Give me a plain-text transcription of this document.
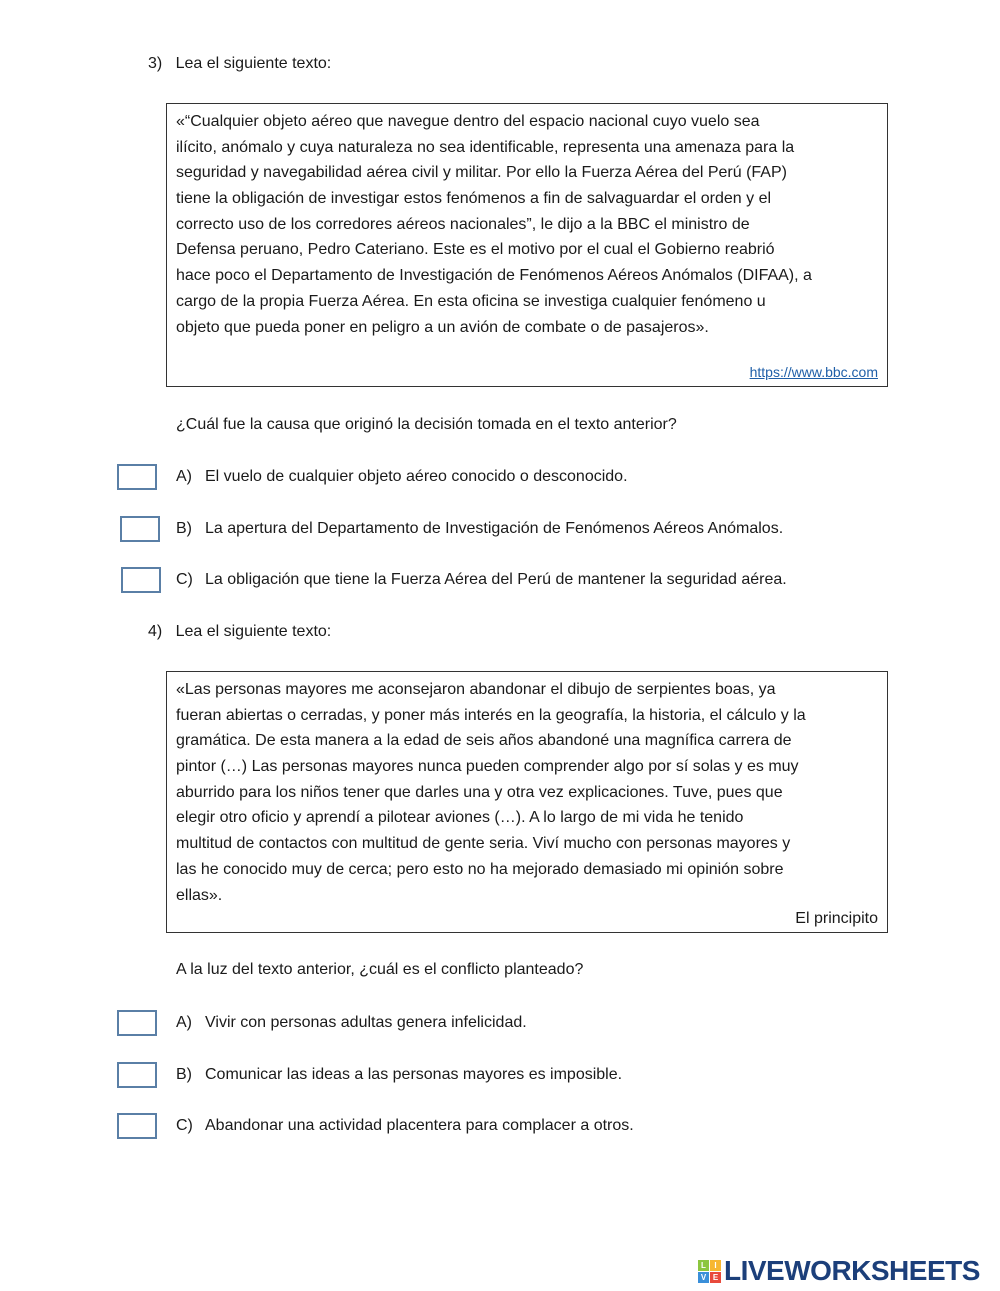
3) Lea el siguiente texto:
«“Cualquier objeto aéreo que navegue dentro del espacio nacional cuyo vuelo sea
ilícito, anómalo y cuya naturaleza no sea identificable, representa una amenaza para la
seguridad y navegabilidad aérea civil y militar. Por ello la Fuerza Aérea del Perú (FAP)
tiene la obligación de investigar estos fenómenos a fin de salvaguardar el orden y el
correcto uso de los corredores aéreos nacionales”, le dijo a la BBC el ministro de
Defensa peruano, Pedro Cateriano. Este es el motivo por el cual el Gobierno reabrió
hace poco el Departamento de Investigación de Fenómenos Aéreos Anómalos (DIFAA), a
cargo de la propia Fuerza Aérea. En esta oficina se investiga cualquier fenómeno u
objeto que pueda poner en peligro a un avión de combate o de pasajeros».
https://www.bbc.com
¿Cuál fue la causa que originó la decisión tomada en el texto anterior?
A) El vuelo de cualquier objeto aéreo conocido o desconocido.
B) La apertura del Departamento de Investigación de Fenómenos Aéreos Anómalos.
C) La obligación que tiene la Fuerza Aérea del Perú de mantener la seguridad aérea.
4) Lea el siguiente texto:
«Las personas mayores me aconsejaron abandonar el dibujo de serpientes boas, ya
fueran abiertas o cerradas, y poner más interés en la geografía, la historia, el cálculo y la
gramática. De esta manera a la edad de seis años abandoné una magnífica carrera de
pintor (…) Las personas mayores nunca pueden comprender algo por sí solas y es muy
aburrido para los niños tener que darles una y otra vez explicaciones. Tuve, pues que
elegir otro oficio y aprendí a pilotear aviones (…). A lo largo de mi vida he tenido
multitud de contactos con multitud de gente seria. Viví mucho con personas mayores y
las he conocido muy de cerca; pero esto no ha mejorado demasiado mi opinión sobre
ellas».
El principito
A la luz del texto anterior, ¿cuál es el conflicto planteado?
A) Vivir con personas adultas genera infelicidad.
B) Comunicar las ideas a las personas mayores es imposible.
C) Abandonar una actividad placentera para complacer a otros.
L	I
V E LIVEWORKSHEETS
